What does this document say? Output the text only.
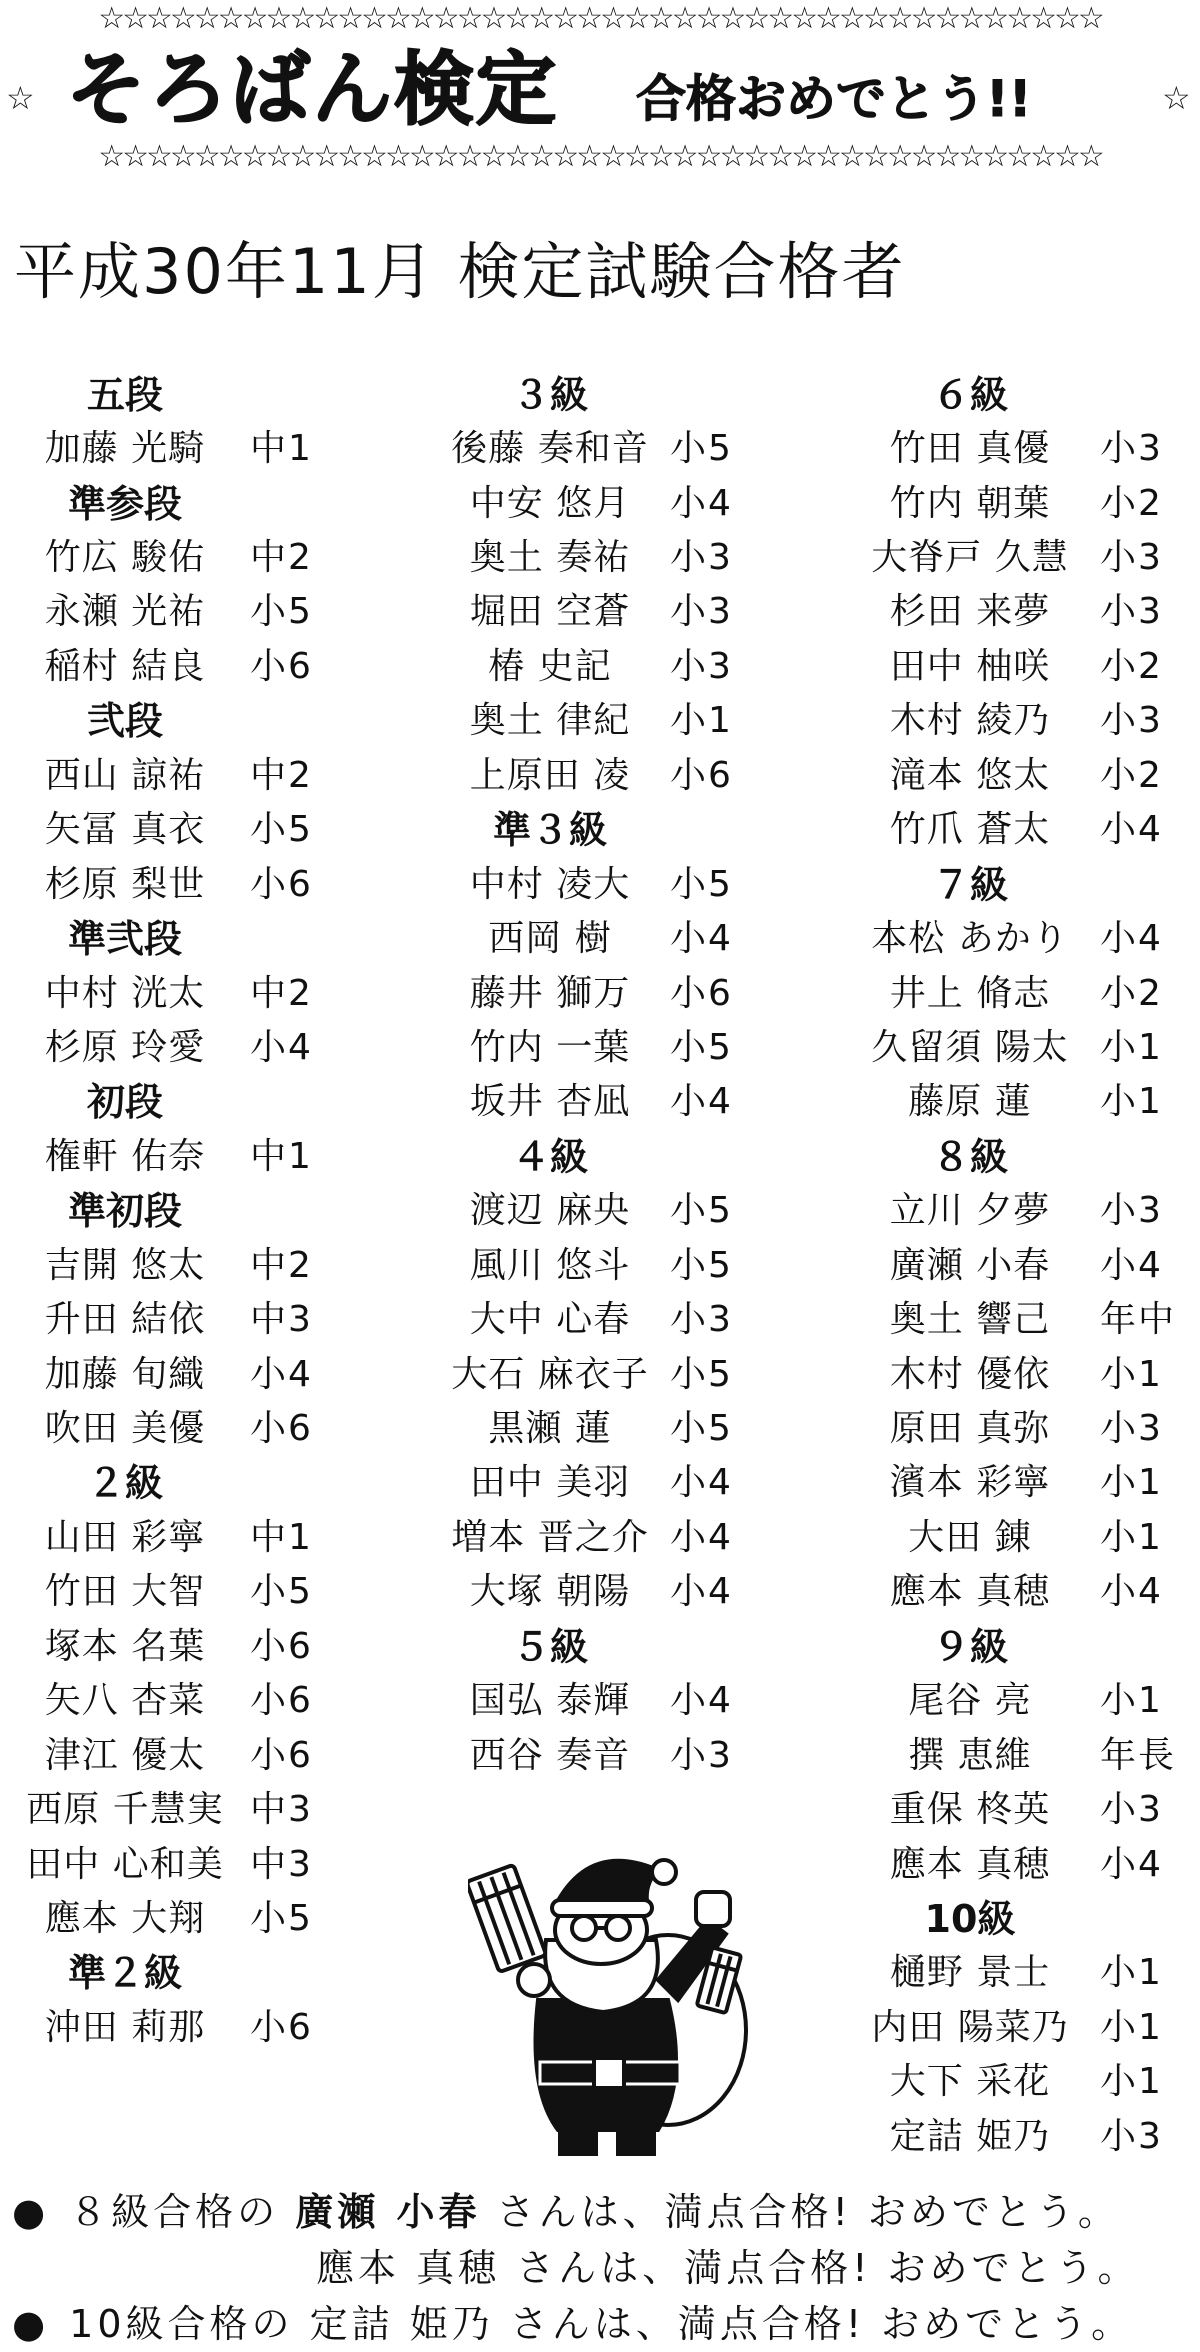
☆☆☆☆☆☆☆☆☆☆☆☆☆☆☆☆☆☆☆☆☆☆☆☆☆☆☆☆☆☆☆☆☆☆☆☆☆☆☆☆☆☆
☆ そろばん検定 合格おめでとう!!	☆
☆☆☆☆☆☆☆☆☆☆☆☆☆☆☆☆☆☆☆☆☆☆☆☆☆☆☆☆☆☆☆☆☆☆☆☆☆☆☆☆☆☆
平成30年11月 検定試験合格者
五段
加藤 光騎	中1
準参段
竹広 駿佑	中2
永瀬 光祐	小5
稲村 結良	小6
弐段
西山 諒祐	中2
矢冨 真衣	小5
杉原 梨世	小6
準弐段
中村 洸太	中2
杉原 玲愛	小4
初段
権軒 佑奈	中1
準初段
吉開 悠太	中2
升田 結依	中3
加藤 旬織	小4
吹田 美優	小6
２級
山田 彩寧	中1
竹田 大智	小5
塚本 名葉	小6
矢八 杏菜	小6
津江 優太	小6
西原 千慧実 中3
田中 心和美 中3
應本 大翔	小5
準２級
沖田 莉那	小6
３級
後藤 奏和音 小5
中安 悠月	小4
奥土 奏祐	小3
堀田 空蒼	小3
椿 史記	小3
奥土 律紀	小1
上原田 凌	小6
準３級
中村 凌大	小5
西岡 樹	小4
藤井 獅万	小6
竹内 一葉	小5
坂井 杏凪	小4
４級
渡辺 麻央	小5
風川 悠斗	小5
大中 心春	小3
大石 麻衣子 小5
黒瀬 蓮	小5
田中 美羽	小4
増本 晋之介 小4
大塚 朝陽	小4
５級
国弘 泰輝	小4
西谷 奏音	小3
６級
竹田 真優	小3
竹内 朝葉	小2
大脊戸 久慧 小3
杉田 来夢	小3
田中 柚咲	小2
木村 綾乃	小3
滝本 悠太	小2
竹爪 蒼太	小4
７級
本松 あかり 小4
井上 脩志	小2
久留須 陽太 小1
藤原 蓮	小1
８級
立川 夕夢	小3
廣瀬 小春	小4
奥土 響己	年中
木村 優依	小1
原田 真弥	小3
濱本 彩寧	小1
大田 錬	小1
應本 真穂	小4
９級
尾谷 亮	小1
撰 恵維	年長
重保 柊英	小3
應本 真穂	小4
10級
樋野 景士	小1
内田 陽菜乃 小1
大下 采花	小1
定詰 姫乃	小3
● ８級合格の 廣瀬 小春 さんは、満点合格! おめでとう。
應本 真穂 さんは、満点合格! おめでとう。
● 10級合格の 定詰 姫乃 さんは、満点合格! おめでとう。
